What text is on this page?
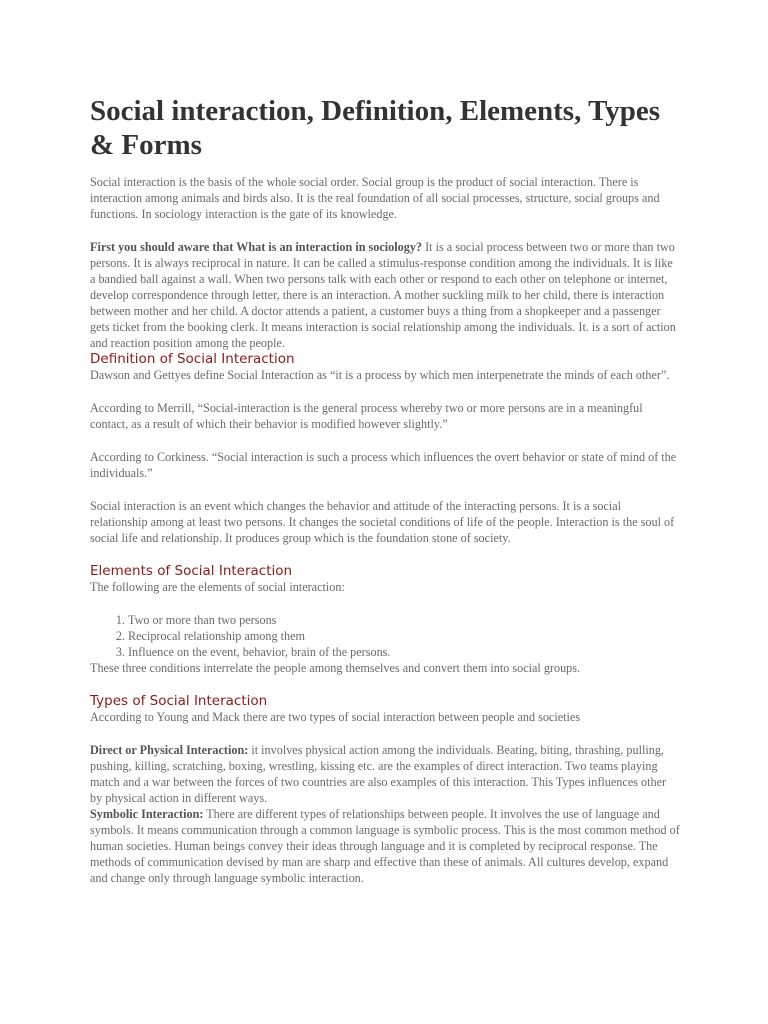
Social interaction, Definition, Elements, Types & Forms

Social interaction is the basis of the whole social order. Social group is the product of social interaction. There is interaction among animals and birds also. It is the real foundation of all social processes, structure, social groups and functions. In sociology interaction is the gate of its knowledge.

First you should aware that What is an interaction in sociology? It is a social process between two or more than two persons. It is always reciprocal in nature. It can be called a stimulus-response condition among the individuals. It is like a bandied ball against a wall. When two persons talk with each other or respond to each other on telephone or internet, develop correspondence through letter, there is an interaction. A mother suckling milk to her child, there is interaction between mother and her child. A doctor attends a patient, a customer buys a thing from a shopkeeper and a passenger gets ticket from the booking clerk. It means interaction is social relationship among the individuals. It. is a sort of action and reaction position among the people.

Definition of Social Interaction

Dawson and Gettyes define Social Interaction as “it is a process by which men interpenetrate the minds of each other”.

According to Merrill, “Social-interaction is the general process whereby two or more persons are in a meaningful contact, as a result of which their behavior is modified however slightly.”

According to Corkiness. “Social interaction is such a process which influences the overt behavior or state of mind of the individuals.”

Social interaction is an event which changes the behavior and attitude of the interacting persons. It is a social relationship among at least two persons. It changes the societal conditions of life of the people. Interaction is the soul of social life and relationship. It produces group which is the foundation stone of society.

Elements of Social Interaction

The following are the elements of social interaction:

1. Two or more than two persons
2. Reciprocal relationship among them
3. Influence on the event, behavior, brain of the persons.

These three conditions interrelate the people among themselves and convert them into social groups.

Types of Social Interaction

According to Young and Mack there are two types of social interaction between people and societies

Direct or Physical Interaction: it involves physical action among the individuals. Beating, biting, thrashing, pulling, pushing, killing, scratching, boxing, wrestling, kissing etc. are the examples of direct interaction. Two teams playing match and a war between the forces of two countries are also examples of this interaction. This Types influences other by physical action in different ways.

Symbolic Interaction: There are different types of relationships between people. It involves the use of language and symbols. It means communication through a common language is symbolic process. This is the most common method of human societies. Human beings convey their ideas through language and it is completed by reciprocal response. The methods of communication devised by man are sharp and effective than these of animals. All cultures develop, expand and change only through language symbolic interaction.
